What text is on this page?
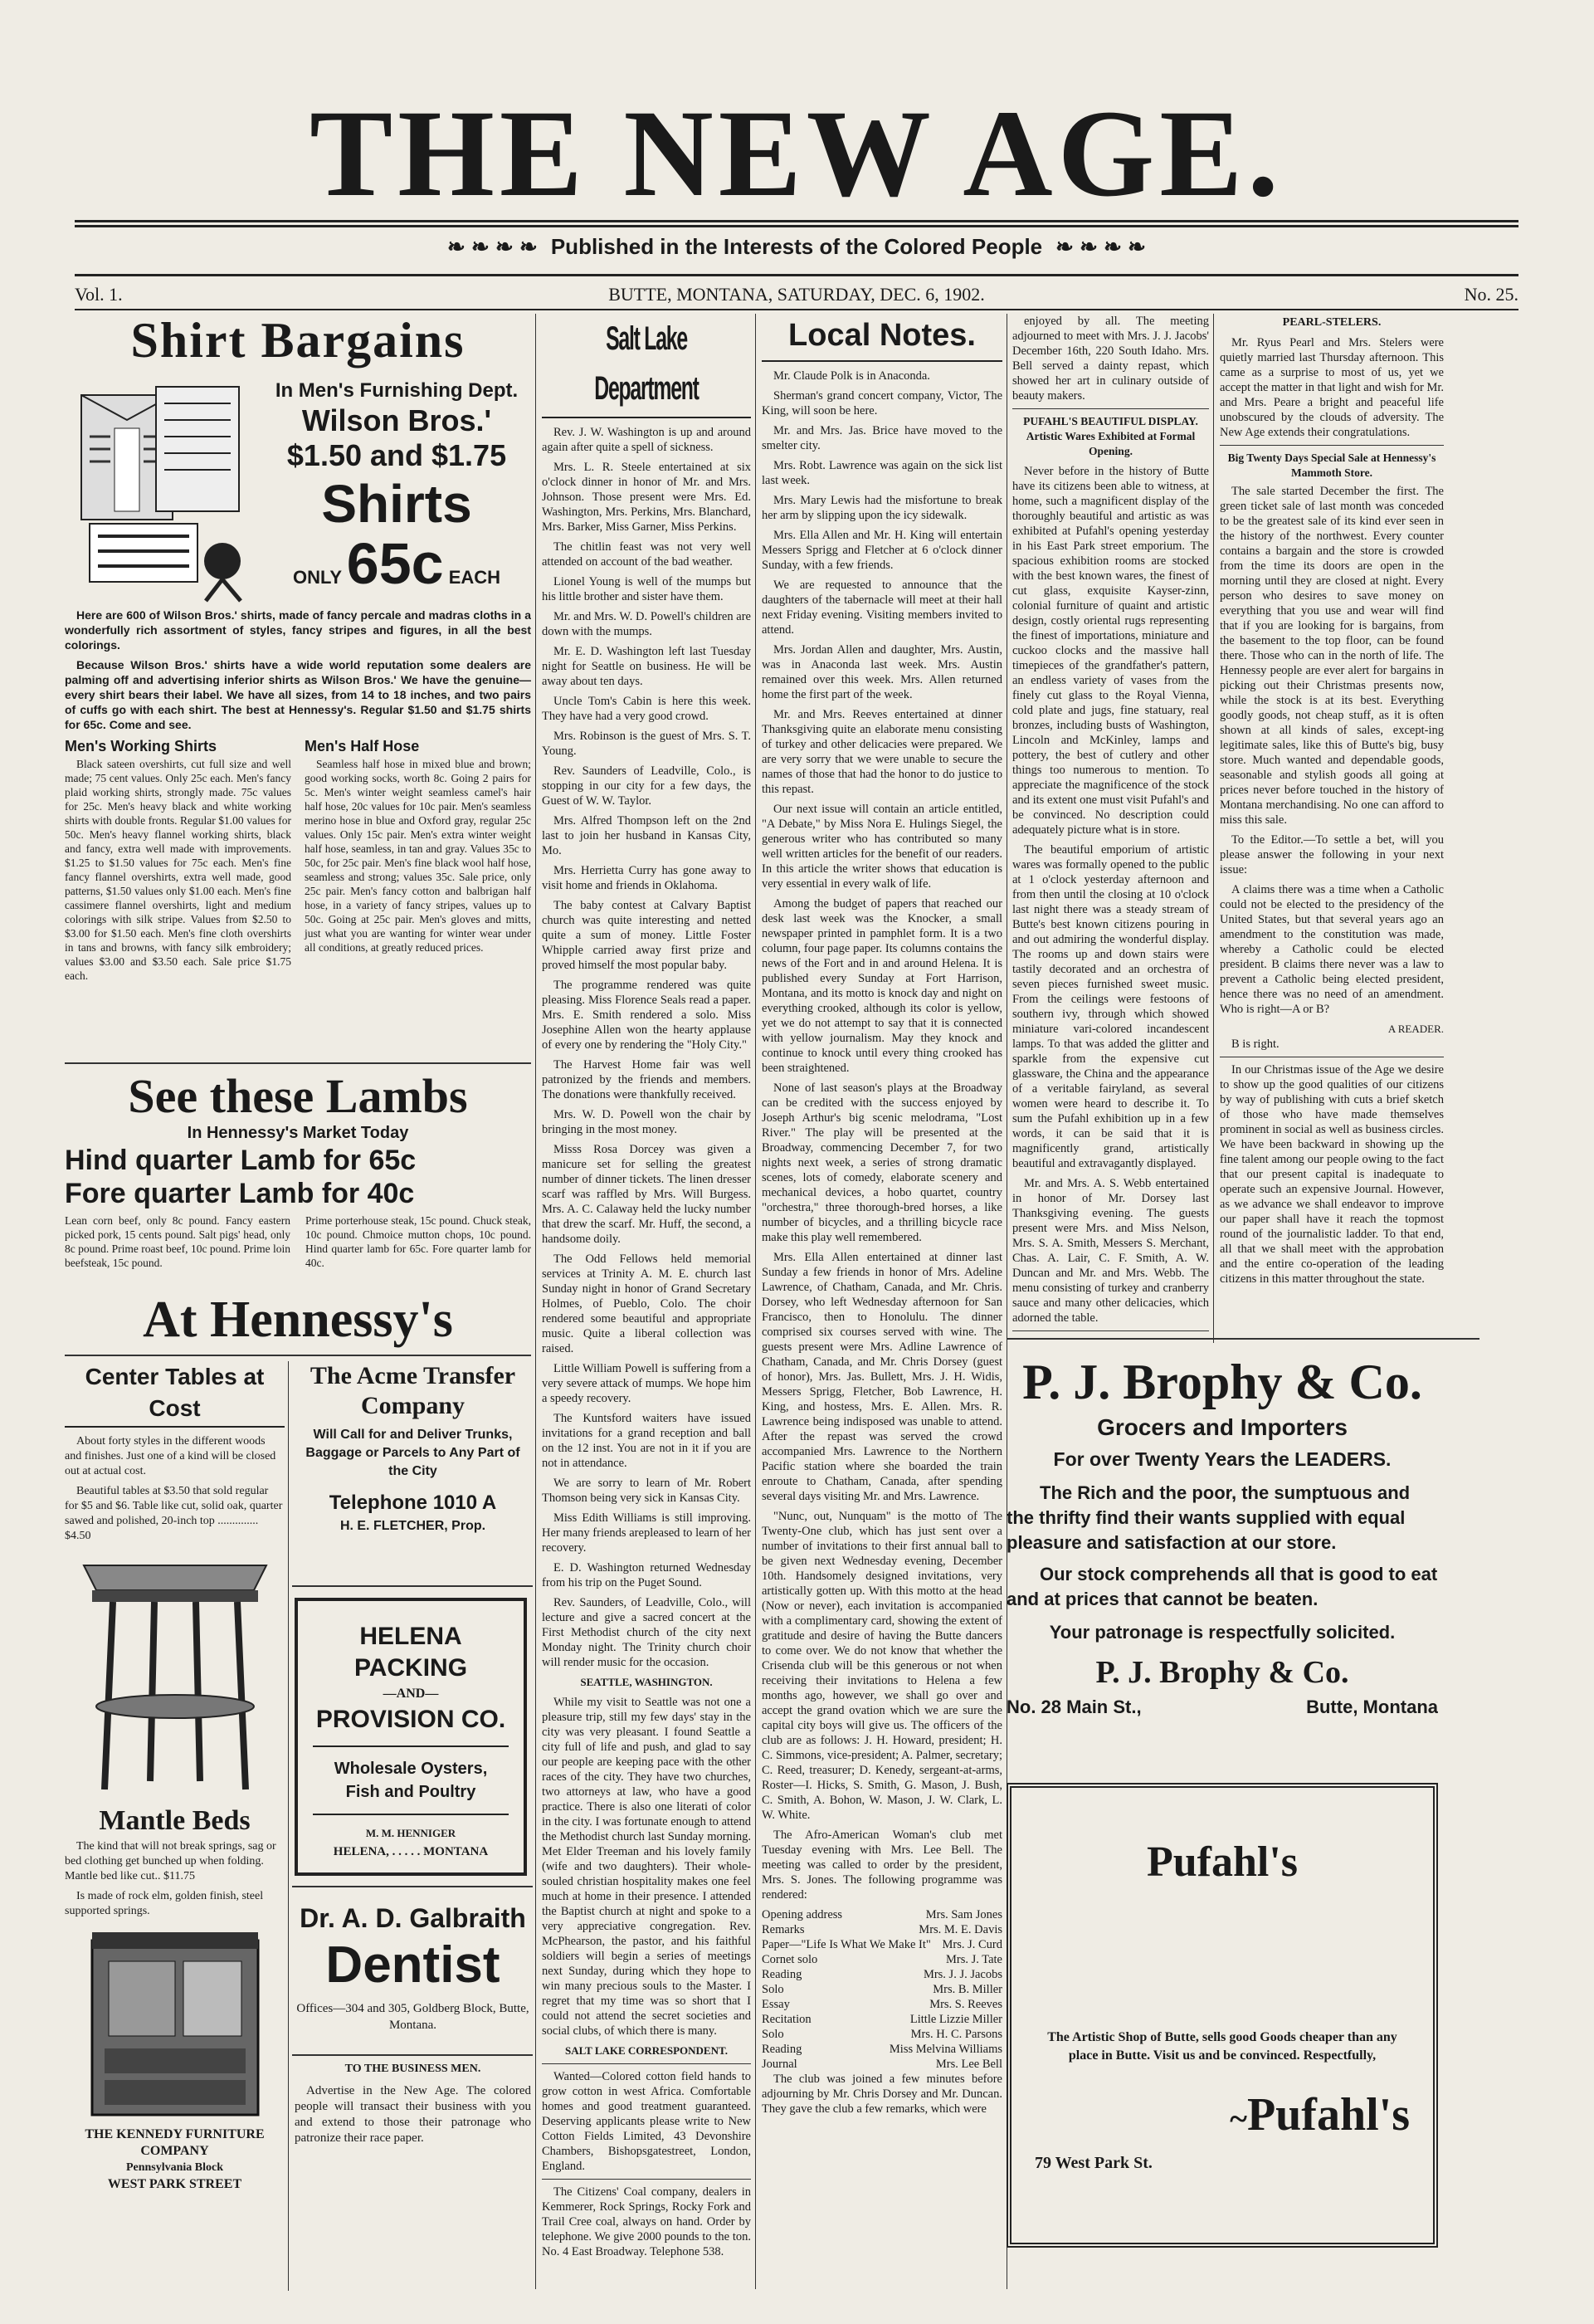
THE NEW AGE.
❧ ❧ ❧ ❧ Published in the Interests of the Colored People ❧ ❧ ❧ ❧
Vol. 1.	BUTTE, MONTANA, SATURDAY, DEC. 6, 1902.	No. 25.
Shirt Bargains
In Men's Furnishing Dept.
Wilson Bros.'
$1.50 and $1.75
Shirts
ONLY 65c EACH

Here are 600 of Wilson Bros.' shirts, made of fancy percale and madras cloths in a wonderfully rich assortment of styles, fancy stripes and figures, in all the best colorings.

Because Wilson Bros.' shirts have a wide world reputation some dealers are palming off and advertising inferior shirts as Wilson Bros.' We have the genuine—every shirt bears their label. We have all sizes, from 14 to 18 inches, and two pairs of cuffs go with each shirt. The best at Hennessy's. Regular $1.50 and $1.75 shirts for 65c. Come and see.

Men's Working Shirts

Black sateen overshirts, cut full size and well made; 75 cent values. Only 25c each. Men's fancy plaid working shirts, strongly made. 75c values for 25c. Men's heavy black and white working shirts with double fronts. Regular $1.00 values for 50c. Men's heavy flannel working shirts, black and fancy, extra well made with improvements. $1.25 to $1.50 values for 75c each. Men's fine fancy flannel overshirts, extra well made, good patterns, $1.50 values only $1.00 each. Men's fine cassimere flannel overshirts, light and medium colorings with silk stripe. Values from $2.50 to $3.00 for $1.50 each. Men's fine cloth overshirts in tans and browns, with fancy silk embroidery; values $3.00 and $3.50 each. Sale price $1.75 each.

Men's Half Hose

Seamless half hose in mixed blue and brown; good working socks, worth 8c. Going 2 pairs for 5c. Men's winter weight seamless camel's hair half hose, 20c values for 10c pair. Men's seamless merino hose in blue and Oxford gray, regular 25c values. Only 15c pair. Men's extra winter weight half hose, seamless, in tan and gray. Values 35c to 50c, for 25c pair. Men's fine black wool half hose, seamless and strong; values 35c. Sale price, only 25c pair. Men's fancy cotton and balbrigan half hose, in a variety of fancy stripes, values up to 50c. Going at 25c pair. Men's gloves and mitts, just what you are wanting for winter wear under all conditions, at greatly reduced prices.

See these Lambs
In Hennessy's Market Today
Hind quarter Lamb for 65c
Fore quarter Lamb for 40c
Lean corn beef, only 8c pound. Fancy eastern picked pork, 15 cents pound. Salt pigs' head, only 8c pound. Prime roast beef, 10c pound. Prime loin beefsteak, 15c pound.
Prime porterhouse steak, 15c pound. Chuck steak, 10c pound. Chmoice mutton chops, 10c pound. Hind quarter lamb for 65c. Fore quarter lamb for 40c.
At Hennessy's
Center Tables at Cost

About forty styles in the different woods and finishes. Just one of a kind will be closed out at actual cost.

Beautiful tables at $3.50 that sold regular for $5 and $6. Table like cut, solid oak, quarter sawed and polished, 20-inch top .............. $4.50

Mantle Beds

The kind that will not break springs, sag or bed clothing get bunched up when folding. Mantle bed like cut.. $11.75

Is made of rock elm, golden finish, steel supported springs.

THE KENNEDY FURNITURE COMPANY
Pennsylvania Block
WEST PARK STREET
The Acme Transfer
Company
Will Call for and Deliver Trunks, Baggage or Parcels to Any Part of the City
Telephone 1010 A
H. E. FLETCHER, Prop.
HELENA PACKING
—AND—
PROVISION CO.
Wholesale Oysters,
Fish and Poultry
M. M. HENNIGER
HELENA, . . . . . MONTANA
Dr. A. D. Galbraith
Dentist
Offices—304 and 305, Goldberg Block, Butte, Montana.
TO THE BUSINESS MEN.

Advertise in the New Age. The colored people will transact their business with you and extend to those their patronage who patronize their race paper.

Salt Lake Department

Rev. J. W. Washington is up and around again after quite a spell of sickness.

Mrs. L. R. Steele entertained at six o'clock dinner in honor of Mr. and Mrs. Johnson. Those present were Mrs. Ed. Washington, Mrs. Perkins, Mrs. Blanchard, Mrs. Barker, Miss Garner, Miss Perkins.

The chitlin feast was not very well attended on account of the bad weather.

Lionel Young is well of the mumps but his little brother and sister have them.

Mr. and Mrs. W. D. Powell's children are down with the mumps.

Mr. E. D. Washington left last Tuesday night for Seattle on business. He will be away about ten days.

Uncle Tom's Cabin is here this week. They have had a very good crowd.

Mrs. Robinson is the guest of Mrs. S. T. Young.

Rev. Saunders of Leadville, Colo., is stopping in our city for a few days, the Guest of W. W. Taylor.

Mrs. Alfred Thompson left on the 2nd last to join her husband in Kansas City, Mo.

Mrs. Herrietta Curry has gone away to visit home and friends in Oklahoma.

The baby contest at Calvary Baptist church was quite interesting and netted quite a sum of money. Little Foster Whipple carried away first prize and proved himself the most popular baby.

The programme rendered was quite pleasing. Miss Florence Seals read a paper. Mrs. E. Smith rendered a solo. Miss Josephine Allen won the hearty applause of every one by rendering the "Holy City."

The Harvest Home fair was well patronized by the friends and members. The donations were thankfully received.

Mrs. W. D. Powell won the chair by bringing in the most money.

Misss Rosa Dorcey was given a manicure set for selling the greatest number of dinner tickets. The linen dresser scarf was raffled by Mrs. Will Burgess. Mrs. A. C. Calaway held the lucky number that drew the scarf. Mr. Huff, the second, a handsome doily.

The Odd Fellows held memorial services at Trinity A. M. E. church last Sunday night in honor of Grand Secretary Holmes, of Pueblo, Colo. The choir rendered some beautiful and appropriate music. Quite a liberal collection was raised.

Little William Powell is suffering from a very severe attack of mumps. We hope him a speedy recovery.

The Kuntsford waiters have issued invitations for a grand reception and ball on the 12 inst. You are not in it if you are not in attendance.

We are sorry to learn of Mr. Robert Thomson being very sick in Kansas City.

Miss Edith Williams is still improving. Her many friends arepleased to learn of her recovery.

E. D. Washington returned Wednesday from his trip on the Puget Sound.

Rev. Saunders, of Leadville, Colo., will lecture and give a sacred concert at the First Methodist church of the city next Monday night. The Trinity church choir will render music for the occasion.

SEATTLE, WASHINGTON.

While my visit to Seattle was not one a pleasure trip, still my few days' stay in the city was very pleasant. I found Seattle a city full of life and push, and glad to say our people are keeping pace with the other races of the city. They have two churches, two attorneys at law, who have a good practice. There is also one literati of color in the city. I was fortunate enough to attend the Methodist church last Sunday morning. Met Elder Treeman and his lovely family (wife and two daughters). Their whole-souled christian hospitality makes one feel much at home in their presence. I attended the Baptist church at night and spoke to a very appreciative congregation. Rev. McPhearson, the pastor, and his faithful soldiers will begin a series of meetings next Sunday, during which they hope to win many precious souls to the Master. I regret that my time was so short that I could not attend the secret societies and social clubs, of which there is many.

SALT LAKE CORRESPONDENT.

Wanted—Colored cotton field hands to grow cotton in west Africa. Comfortable homes and good treatment guaranteed. Deserving applicants please write to New Cotton Fields Limited, 43 Devonshire Chambers, Bishopsgatestreet, London, England.

The Citizens' Coal company, dealers in Kemmerer, Rock Springs, Rocky Fork and Trail Cree coal, always on hand. Order by telephone. We give 2000 pounds to the ton. No. 4 East Broadway. Telephone 538.

Local Notes.

Mr. Claude Polk is in Anaconda.

Sherman's grand concert company, Victor, The King, will soon be here.

Mr. and Mrs. Jas. Brice have moved to the smelter city.

Mrs. Robt. Lawrence was again on the sick list last week.

Mrs. Mary Lewis had the misfortune to break her arm by slipping upon the icy sidewalk.

Mrs. Ella Allen and Mr. H. King will entertain Messers Sprigg and Fletcher at 6 o'clock dinner Sunday, with a few friends.

We are requested to announce that the daughters of the tabernacle will meet at their hall next Friday evening. Visiting members invited to attend.

Mrs. Jordan Allen and daughter, Mrs. Austin, was in Anaconda last week. Mrs. Austin remained over this week. Mrs. Allen returned home the first part of the week.

Mr. and Mrs. Reeves entertained at dinner Thanksgiving quite an elaborate menu consisting of turkey and other delicacies were prepared. We are very sorry that we were unable to secure the names of those that had the honor to do justice to this repast.

Our next issue will contain an article entitled, "A Debate," by Miss Nora E. Hulings Siegel, the generous writer who has contributed so many well written articles for the benefit of our readers. In this article the writer shows that education is very essential in every walk of life.

Among the budget of papers that reached our desk last week was the Knocker, a small newspaper printed in pamphlet form. It is a two column, four page paper. Its columns contains the news of the Fort and in and around Helena. It is published every Sunday at Fort Harrison, Montana, and its motto is knock day and night on everything crooked, although its color is yellow, yet we do not attempt to say that it is connected with yellow journalism. May they knock and continue to knock until every thing crooked has been straightened.

None of last season's plays at the Broadway can be credited with the success enjoyed by Joseph Arthur's big scenic melodrama, "Lost River." The play will be presented at the Broadway, commencing December 7, for two nights next week, a series of strong dramatic scenes, lots of comedy, elaborate scenery and mechanical devices, a hobo quartet, country "orchestra," three thorough-bred horses, a like number of bicycles, and a thrilling bicycle race make this play well remembered.

Mrs. Ella Allen entertained at dinner last Sunday a few friends in honor of Mrs. Adeline Lawrence, of Chatham, Canada, and Mr. Chris. Dorsey, who left Wednesday afternoon for San Francisco, then to Honolulu. The dinner comprised six courses served with wine. The guests present were Mrs. Adline Lawrence of Chatham, Canada, and Mr. Chris Dorsey (guest of honor), Mrs. Jas. Bullett, Mrs. J. H. Widis, Messers Sprigg, Fletcher, Bob Lawrence, H. King, and hostess, Mrs. E. Allen. Mrs. R. Lawrence being indisposed was unable to attend. After the repast was served the crowd accompanied Mrs. Lawrence to the Northern Pacific station where she boarded the train enroute to Chatham, Canada, after spending several days visiting Mr. and Mrs. Lawrence.

"Nunc, out, Nunquam" is the motto of The Twenty-One club, which has just sent over a number of invitations to their first annual ball to be given next Wednesday evening, December 10th. Handsomely designed invitations, very artistically gotten up. With this motto at the head (Now or never), each invitation is accompanied with a complimentary card, showing the extent of gratitude and desire of having the Butte dancers to come over. We do not know that whether the Crisenda club will be this generous or not when receiving their invitations to Helena a few months ago, however, we shall go over and accept the grand ovation which we are sure the capital city boys will give us. The officers of the club are as follows: J. H. Howard, president; H. C. Simmons, vice-president; A. Palmer, secretary; C. Reed, treasurer; D. Kenedy, sergeant-at-arms, Roster—I. Hicks, S. Smith, G. Mason, J. Bush, C. Smith, A. Bohon, W. Mason, J. W. Clark, L. W. White.

The Afro-American Woman's club met Tuesday evening with Mrs. Lee Bell. The meeting was called to order by the president, Mrs. S. Jones. The following programme was rendered:

Opening address	Mrs. Sam Jones
Remarks	Mrs. M. E. Davis
Paper—"Life Is What We Make It" Mrs. J. Curd
Cornet solo	Mrs. J. Tate
Reading	Mrs. J. J. Jacobs
Solo	Mrs. B. Miller
Essay	Mrs. S. Reeves
Recitation	Little Lizzie Miller
Solo	Mrs. H. C. Parsons
Reading	Miss Melvina Williams
Journal	Mrs. Lee Bell

The club was joined a few minutes before adjourning by Mr. Chris Dorsey and Mr. Duncan. They gave the club a few remarks, which were

enjoyed by all. The meeting adjourned to meet with Mrs. J. J. Jacobs' December 16th, 220 South Idaho. Mrs. Bell served a dainty repast, which showed her art in culinary outside of beauty makers.

PUFAHL'S BEAUTIFUL DISPLAY.
Artistic Wares Exhibited at Formal Opening.

Never before in the history of Butte have its citizens been able to witness, at home, such a magnificent display of the thoroughly beautiful and artistic as was exhibited at Pufahl's opening yesterday in his East Park street emporium. The spacious exhibition rooms are stocked with the best known wares, the finest of cut glass, exquisite Kayser-zinn, colonial furniture of quaint and artistic design, costly oriental rugs representing the finest of importations, miniature and cuckoo clocks and the massive hall timepieces of the grandfather's pattern, an endless variety of vases from the finely cut glass to the Royal Vienna, cold plate and jugs, fine statuary, real bronzes, including busts of Washington, Lincoln and McKinley, lamps and pottery, the best of cutlery and other things too numerous to mention. To appreciate the magnificence of the stock and its extent one must visit Pufahl's and be convinced. No description could adequately picture what is in store.

The beautiful emporium of artistic wares was formally opened to the public at 1 o'clock yesterday afternoon and from then until the closing at 10 o'clock last night there was a steady stream of Butte's best known citizens pouring in and out admiring the wonderful display. The rooms up and down stairs were tastily decorated and an orchestra of seven pieces furnished sweet music. From the ceilings were festoons of southern ivy, through which showed miniature vari-colored incandescent lamps. To that was added the glitter and sparkle from the expensive cut glassware, the China and the appearance of a veritable fairyland, as several women were heard to describe it. To sum the Pufahl exhibition up in a few words, it can be said that it is magnificently grand, artistically beautiful and extravagantly displayed.

Mr. and Mrs. A. S. Webb entertained in honor of Mr. Dorsey last Thanksgiving evening. The guests present were Mrs. and Miss Nelson, Mrs. S. A. Smith, Messers S. Merchant, Chas. A. Lair, C. F. Smith, A. W. Duncan and Mr. and Mrs. Webb. The menu consisting of turkey and cranberry sauce and many other delicacies, which adorned the table.

PEARL-STELERS.

Mr. Ryus Pearl and Mrs. Stelers were quietly married last Thursday afternoon. This came as a surprise to most of us, yet we accept the matter in that light and wish for Mr. and Mrs. Peare a bright and peaceful life unobscured by the clouds of adversity. The New Age extends their congratulations.

Big Twenty Days Special Sale at Hennessy's Mammoth Store.

The sale started December the first. The green ticket sale of last month was conceded to be the greatest sale of its kind ever seen in the history of the northwest. Every counter contains a bargain and the store is crowded from the time its doors are open in the morning until they are closed at night. Every person who desires to save money on everything that you use and wear will find that if you are looking for is bargains, from the basement to the top floor, can be found there. Those who can in the north of life. The Hennessy people are ever alert for bargains in picking out their Christmas presents now, while the stock is at its best. Everything goodly goods, not cheap stuff, as it is often shown at all kinds of sales, except-ing legitimate sales, like this of Butte's big, busy store. Much wanted and dependable goods, seasonable and stylish goods all going at prices never before touched in the history of Montana merchandising. No one can afford to miss this sale.

To the Editor.—To settle a bet, will you please answer the following in your next issue:

A claims there was a time when a Catholic could not be elected to the presidency of the United States, but that several years ago an amendment to the constitution was made, whereby a Catholic could be elected president. B claims there never was a law to prevent a Catholic being elected president, hence there was no need of an amendment. Who is right—A or B?

A READER.

B is right.

In our Christmas issue of the Age we desire to show up the good qualities of our citizens by way of publishing with cuts a brief sketch of those who have made themselves prominent in social as well as business circles. We have been backward in showing up the fine talent among our people owing to the fact that our present capital is inadequate to operate such an expensive Journal. However, as we advance we shall endeavor to improve our paper shall have it reach the topmost round of the journalistic ladder. To that end, all that we shall meet with the approbation and the entire co-operation of the leading citizens in this matter throughout the state.

P. J. Brophy & Co.
Grocers and Importers
For over Twenty Years the LEADERS.

The Rich and the poor, the sumptuous and the thrifty find their wants supplied with equal pleasure and satisfaction at our store.

Our stock comprehends all that is good to eat and at prices that cannot be beaten.

Your patronage is respectfully solicited.
P. J. Brophy & Co.
No. 28 Main St.,	Butte, Montana
Pufahl's
The Artistic Shop of Butte, sells good Goods cheaper than any place in Butte. Visit us and be convinced. Respectfully,
~Pufahl's
79 West Park St.
